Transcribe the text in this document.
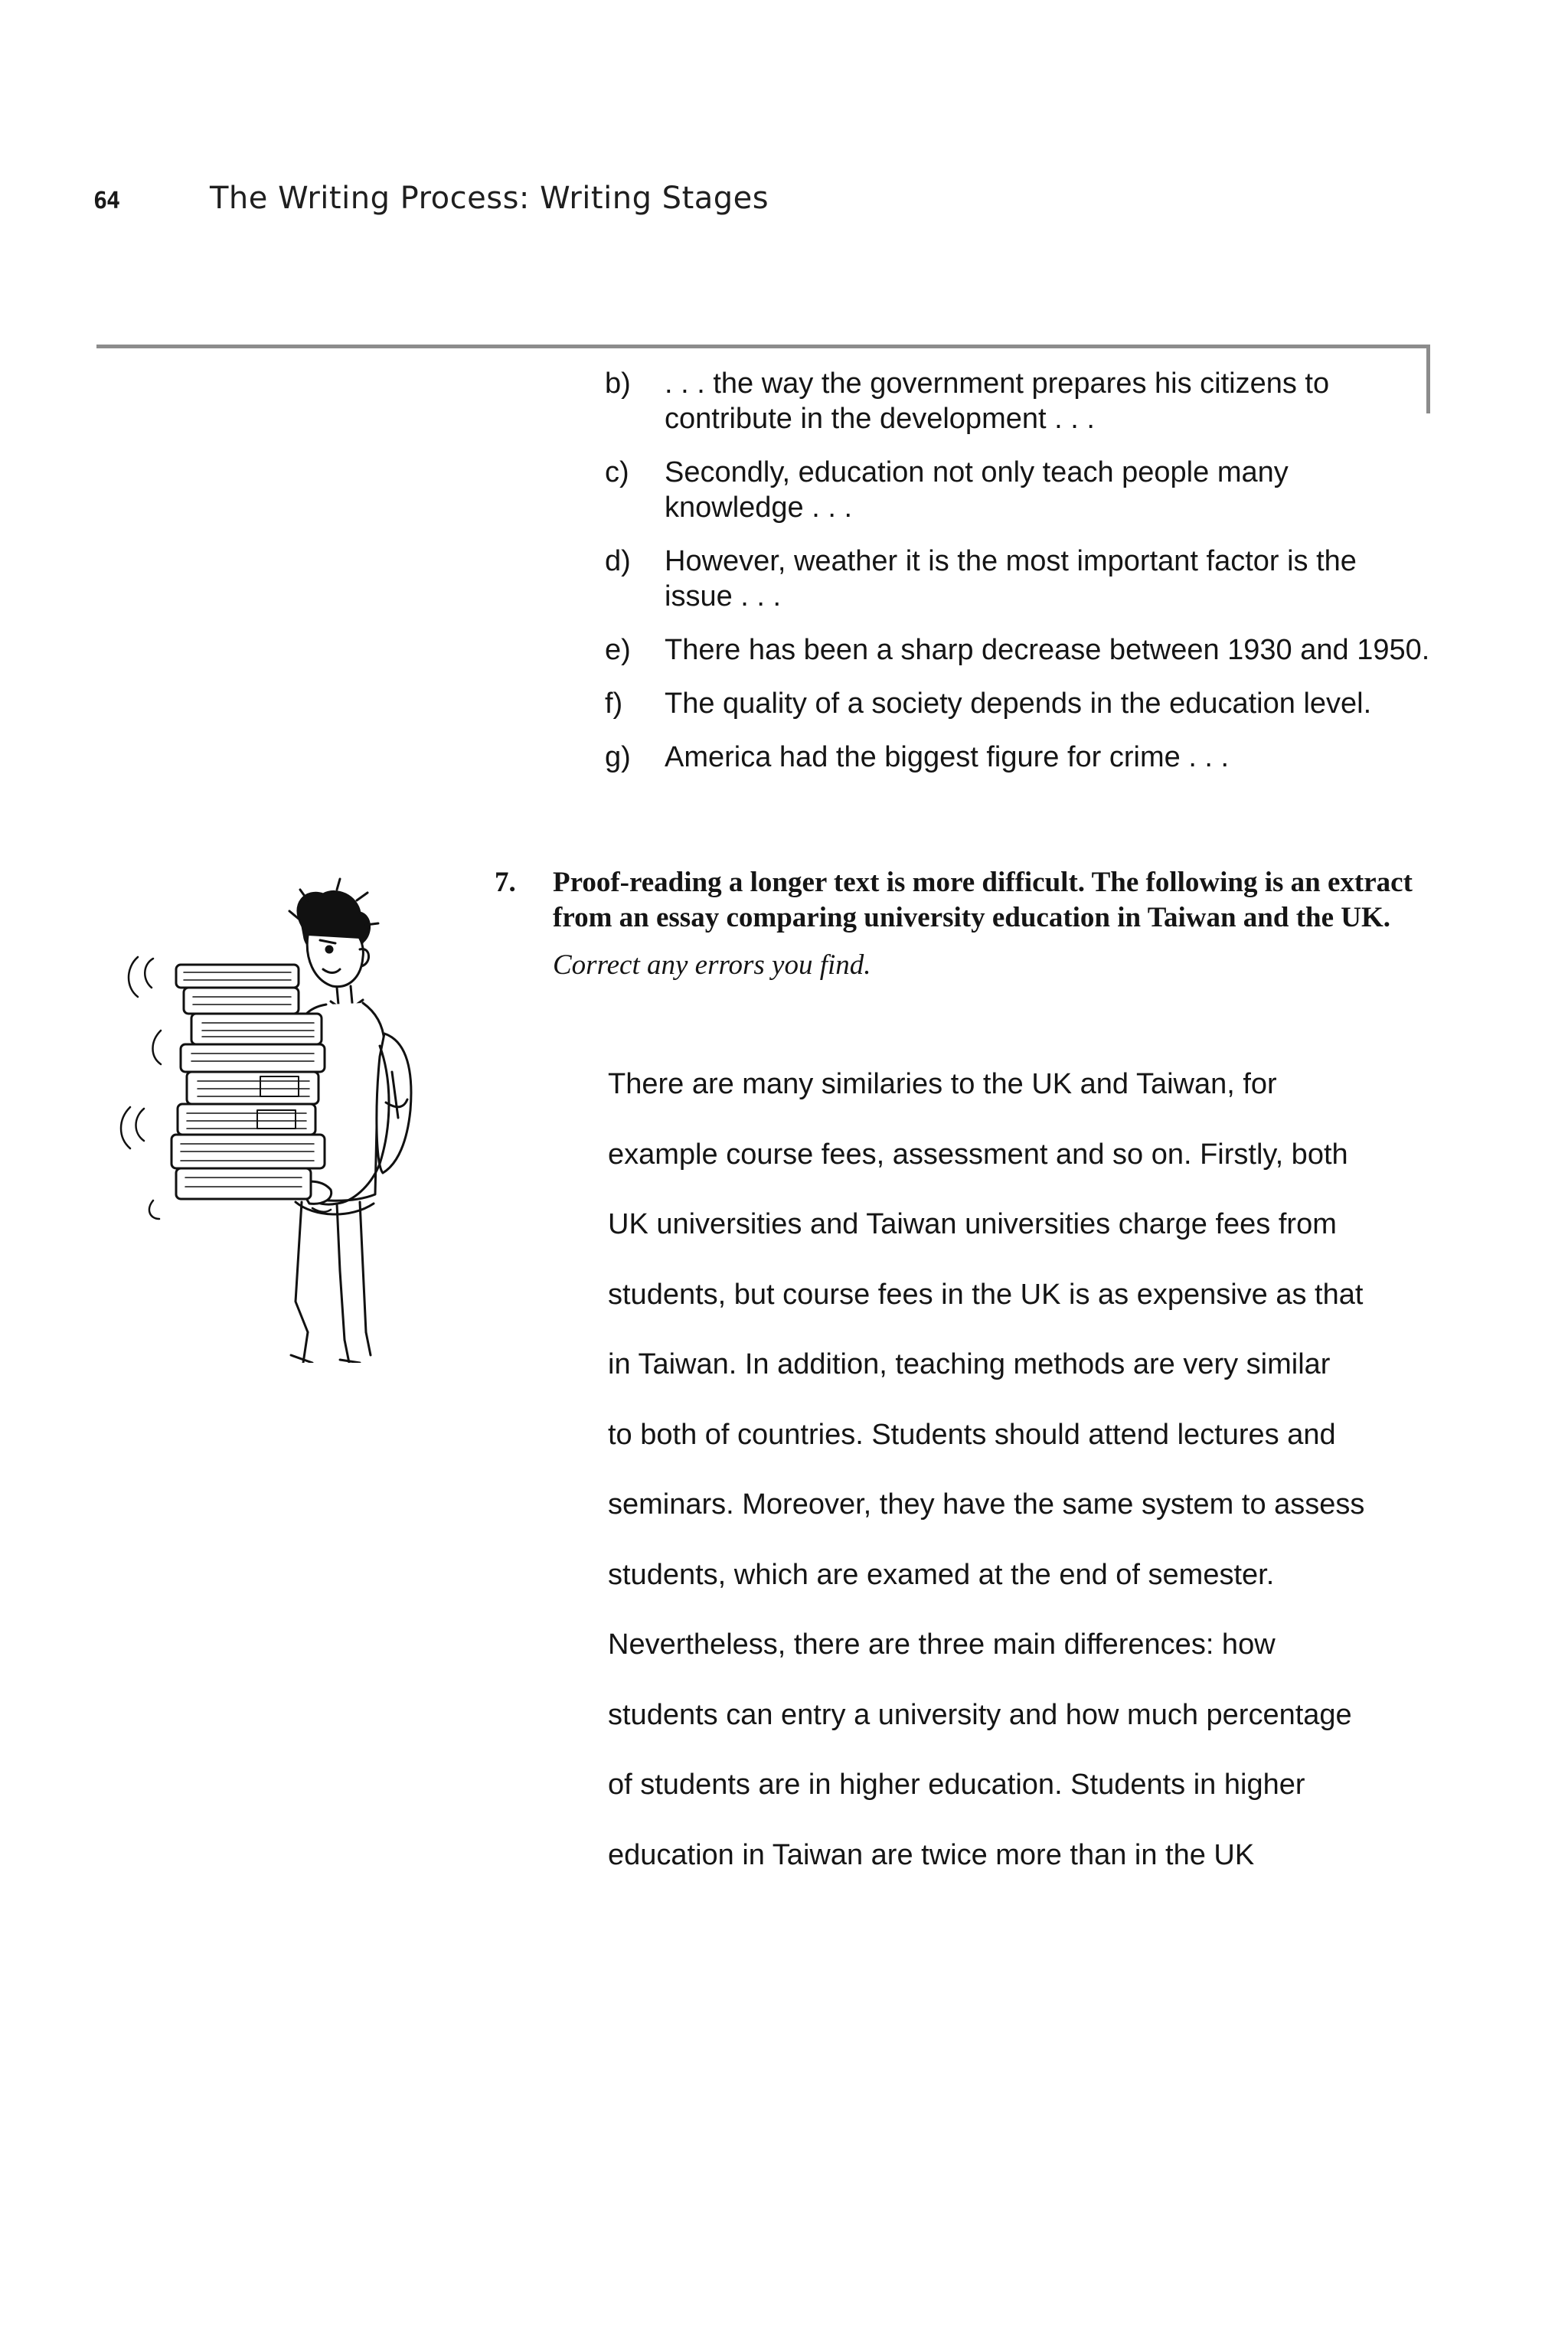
64	The Writing Process: Writing Stages
b)	. . . the way the government prepares his citizens to contribute in the development . . .
c)	Secondly, education not only teach people many knowledge . . .
d)	However, weather it is the most important factor is the issue . . .
e)	There has been a sharp decrease between 1930 and 1950.
f)	The quality of a society depends in the education level.
g)	America had the biggest figure for crime . . .
7.	Proof-reading a longer text is more difficult. The following is an extract from an essay comparing university education in Taiwan and the UK.
Correct any errors you find.
There are many similaries to the UK and Taiwan, for
example course fees, assessment and so on. Firstly, both
UK universities and Taiwan universities charge fees from
students, but course fees in the UK is as expensive as that
in Taiwan. In addition, teaching methods are very similar
to both of countries. Students should attend lectures and
seminars. Moreover, they have the same system to assess
students, which are examed at the end of semester.
Nevertheless, there are three main differences: how
students can entry a university and how much percentage
of students are in higher education. Students in higher
education in Taiwan are twice more than in the UK
